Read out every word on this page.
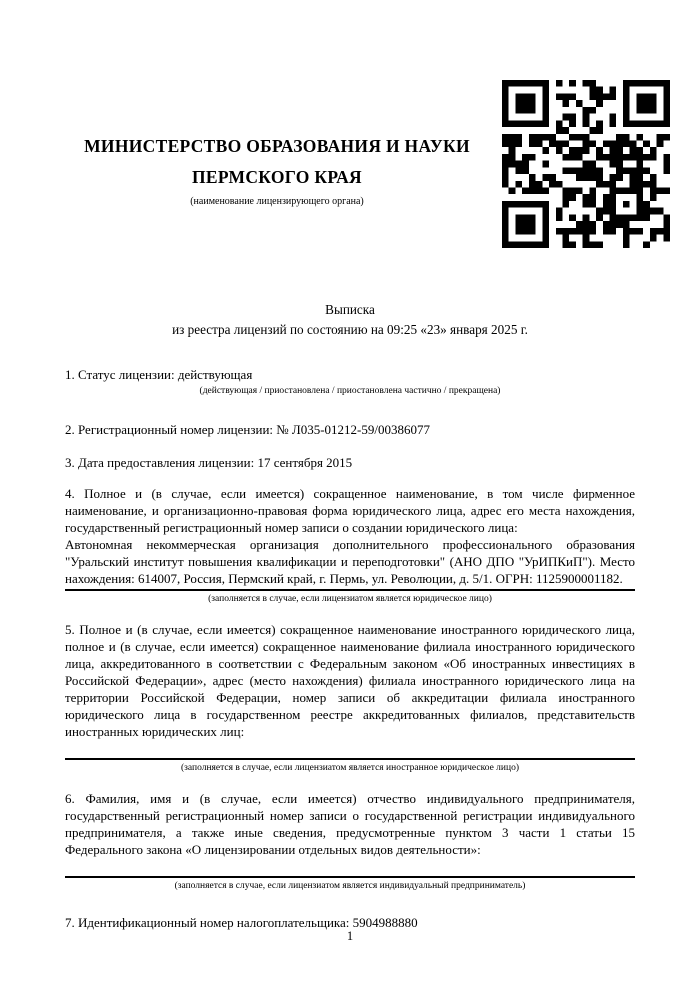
МИНИСТЕРСТВО ОБРАЗОВАНИЯ И НАУКИ ПЕРМСКОГО КРАЯ
(наименование лицензирующего органа)
Выписка
из реестра лицензий по состоянию на 09:25 «23» января 2025 г.
1. Статус лицензии: действующая
(действующая / приостановлена / приостановлена частично / прекращена)
2. Регистрационный номер лицензии: № Л035-01212-59/00386077
3. Дата предоставления лицензии: 17 сентября 2015
4. Полное и (в случае, если имеется) сокращенное наименование, в том числе фирменное наименование, и организационно-правовая форма юридического лица, адрес его места нахождения, государственный регистрационный номер записи о создании юридического лица:
Автономная некоммерческая организация дополнительного профессионального образования "Уральский институт повышения квалификации и переподготовки" (АНО ДПО "УрИПКиП"). Место нахождения: 614007, Россия, Пермский край, г. Пермь, ул. Революции, д. 5/1. ОГРН: 1125900001182.
(заполняется в случае, если лицензиатом является юридическое лицо)
5. Полное и (в случае, если имеется) сокращенное наименование иностранного юридического лица, полное и (в случае, если имеется) сокращенное наименование филиала иностранного юридического лица, аккредитованного в соответствии с Федеральным законом «Об иностранных инвестициях в Российской Федерации», адрес (место нахождения) филиала иностранного юридического лица на территории Российской Федерации, номер записи об аккредитации филиала иностранного юридического лица в государственном реестре аккредитованных филиалов, представительств иностранных юридических лиц:
(заполняется в случае, если лицензиатом является иностранное юридическое лицо)
6. Фамилия, имя и (в случае, если имеется) отчество индивидуального предпринимателя, государственный регистрационный номер записи о государственной регистрации индивидуального предпринимателя, а также иные сведения, предусмотренные пунктом 3 части 1 статьи 15 Федерального закона «О лицензировании отдельных видов деятельности»:
(заполняется в случае, если лицензиатом является индивидуальный предприниматель)
7. Идентификационный номер налогоплательщика: 5904988880
1
